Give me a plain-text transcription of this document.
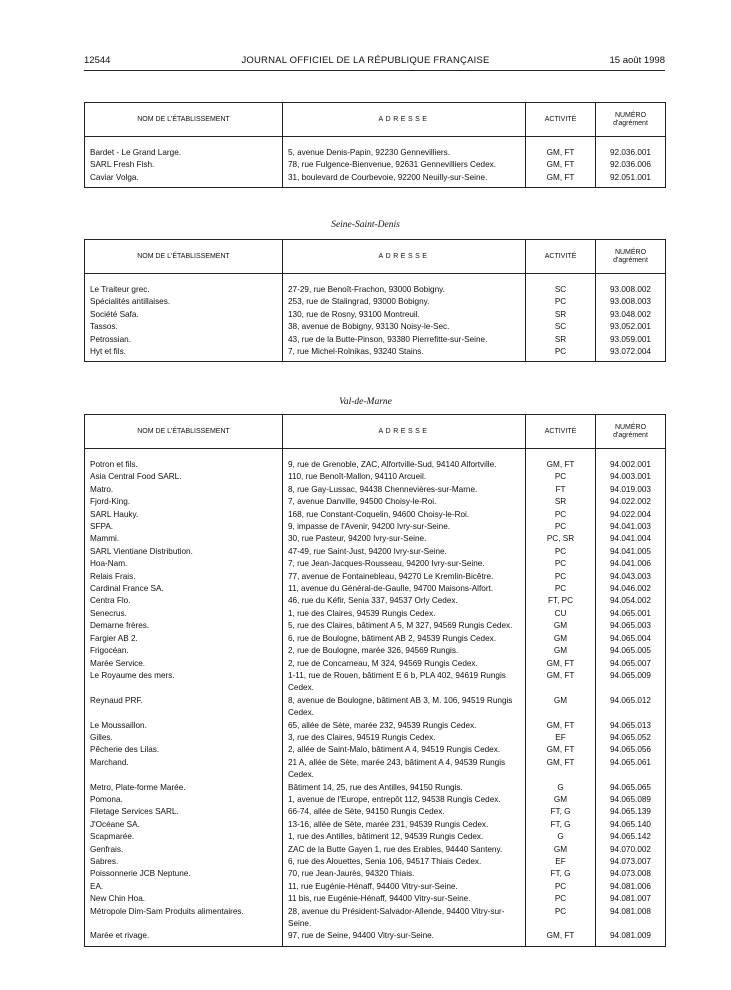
12544	JOURNAL OFFICIEL DE LA RÉPUBLIQUE FRANÇAISE	15 août 1998
Seine-Saint-Denis
Val-de-Marne
NOM DE L'ÉTABLISSEMENT	ADRESSE	ACTIVITÉ	NUMÉRO
d'agrément

Bardet - Le Grand Large.	5, avenue Denis-Papin, 92230 Gennevilliers.	GM, FT	92.036.001
SARL Fresh Fish.	78, rue Fulgence-Bienvenue, 92631 Gennevilliers Cedex.	GM, FT	92.036.006
Caviar Volga.	31, boulevard de Courbevoie, 92200 Neuilly-sur-Seine.	GM, FT	92.051.001
NOM DE L'ÉTABLISSEMENT	ADRESSE	ACTIVITÉ	NUMÉRO
d'agrément

Le Traiteur grec.	27-29, rue Benoît-Frachon, 93000 Bobigny.	SC	93.008.002
Spécialités antillaises.	253, rue de Stalingrad, 93000 Bobigny.	PC	93.008.003
Société Safa.	130, rue de Rosny, 93100 Montreuil.	SR	93.048.002
Tassos.	38, avenue de Bobigny, 93130 Noisy-le-Sec.	SC	93.052.001
Petrossian.	43, rue de la Butte-Pinson, 93380 Pierrefitte-sur-Seine.	SR	93.059.001
Hyt et fils.	7, rue Michel-Rolnikas, 93240 Stains.	PC	93.072.004
NOM DE L'ÉTABLISSEMENT	ADRESSE	ACTIVITÉ	NUMÉRO
d'agrément

Potron et fils.	9, rue de Grenoble, ZAC, Alfortville-Sud, 94140 Alfortville.	GM, FT	94.002.001
Asia Central Food SARL.	110, rue Benoît-Mallon, 94110 Arcueil.	PC	94.003.001
Matro.	8, rue Gay-Lussac, 94438 Chennevières-sur-Marne.	FT	94.019.003
Fjord-King.	7, avenue Danville, 94500 Choisy-le-Roi.	SR	94.022.002
SARL Hauky.	168, rue Constant-Coquelin, 94600 Choisy-le-Roi.	PC	94.022.004
SFPA.	9, impasse de l'Avenir, 94200 Ivry-sur-Seine.	PC	94.041.003
Mammi.	30, rue Pasteur, 94200 Ivry-sur-Seine.	PC, SR	94.041.004
SARL Vientiane Distribution.	47-49, rue Saint-Just, 94200 Ivry-sur-Seine.	PC	94.041.005
Hoa-Nam.	7, rue Jean-Jacques-Rousseau, 94200 Ivry-sur-Seine.	PC	94.041.006
Relais Frais.	77, avenue de Fontainebleau, 94270 Le Kremlin-Bicêtre.	PC	94.043.003
Cardinal France SA.	11, avenue du Général-de-Gaulle, 94700 Maisons-Alfort.	PC	94.046.002
Centra Flo.	46, rue du Kéfir, Senia 337, 94537 Orly Cedex.	FT, PC	94.054.002
Senecrus.	1, rue des Claires, 94539 Rungis Cedex.	CU	94.065.001
Demarne frères.	5, rue des Claires, bâtiment A 5, M 327, 94569 Rungis Cedex.	GM	94.065.003
Fargier AB 2.	6, rue de Boulogne, bâtiment AB 2, 94539 Rungis Cedex.	GM	94.065.004
Frigocéan.	2, rue de Boulogne, marée 326, 94569 Rungis.	GM	94.065.005
Marée Service.	2, rue de Concarneau, M 324, 94569 Rungis Cedex.	GM, FT	94.065.007
Le Royaume des mers.	1-11, rue de Rouen, bâtiment E 6 b, PLA 402, 94619 Rungis Cedex.	GM, FT	94.065.009
Reynaud PRF.	8, avenue de Boulogne, bâtiment AB 3, M. 106, 94519 Rungis Cedex.	GM	94.065.012
Le Moussaillon.	65, allée de Sète, marée 232, 94539 Rungis Cedex.	GM, FT	94.065.013
Gilles.	3, rue des Claires, 94519 Rungis Cedex.	EF	94.065.052
Pêcherie des Lilas.	2, allée de Saint-Malo, bâtiment A 4, 94519 Rungis Cedex.	GM, FT	94.065.056
Marchand.	21 A, allée de Sète, marée 243, bâtiment A 4, 94539 Rungis Cedex.	GM, FT	94.065.061
Metro, Plate-forme Marée.	Bâtiment 14, 25, rue des Antilles, 94150 Rungis.	G	94.065.065
Pomona.	1, avenue de l'Europe, entrepôt 112, 94538 Rungis Cedex.	GM	94.065.089
Filetage Services SARL.	66-74, allée de Sète, 94150 Rungis Cedex.	FT, G	94.065.139
J'Océane SA.	13-16, allée de Sète, marée 231, 94539 Rungis Cedex.	FT, G	94.065.140
Scapmarée.	1, rue des Antilles, bâtiment 12, 94539 Rungis Cedex.	G	94.065.142
Genfrais.	ZAC de la Butte Gayen 1, rue des Erables, 94440 Santeny.	GM	94.070.002
Sabres.	6, rue des Alouettes, Senia 106, 94517 Thiais Cedex.	EF	94.073.007
Poissonnerie JCB Neptune.	70, rue Jean-Jaurès, 94320 Thiais.	FT, G	94.073.008
EA.	11, rue Eugénie-Hénaff, 94400 Vitry-sur-Seine.	PC	94.081.006
New Chin Hoa.	11 bis, rue Eugénie-Hénaff, 94400 Vitry-sur-Seine.	PC	94.081.007
Métropole Dim-Sam Produits alimentaires.	28, avenue du Président-Salvador-Allende, 94400 Vitry-sur-Seine.	PC	94.081.008
Marée et rivage.	97, rue de Seine, 94400 Vitry-sur-Seine.	GM, FT	94.081.009
